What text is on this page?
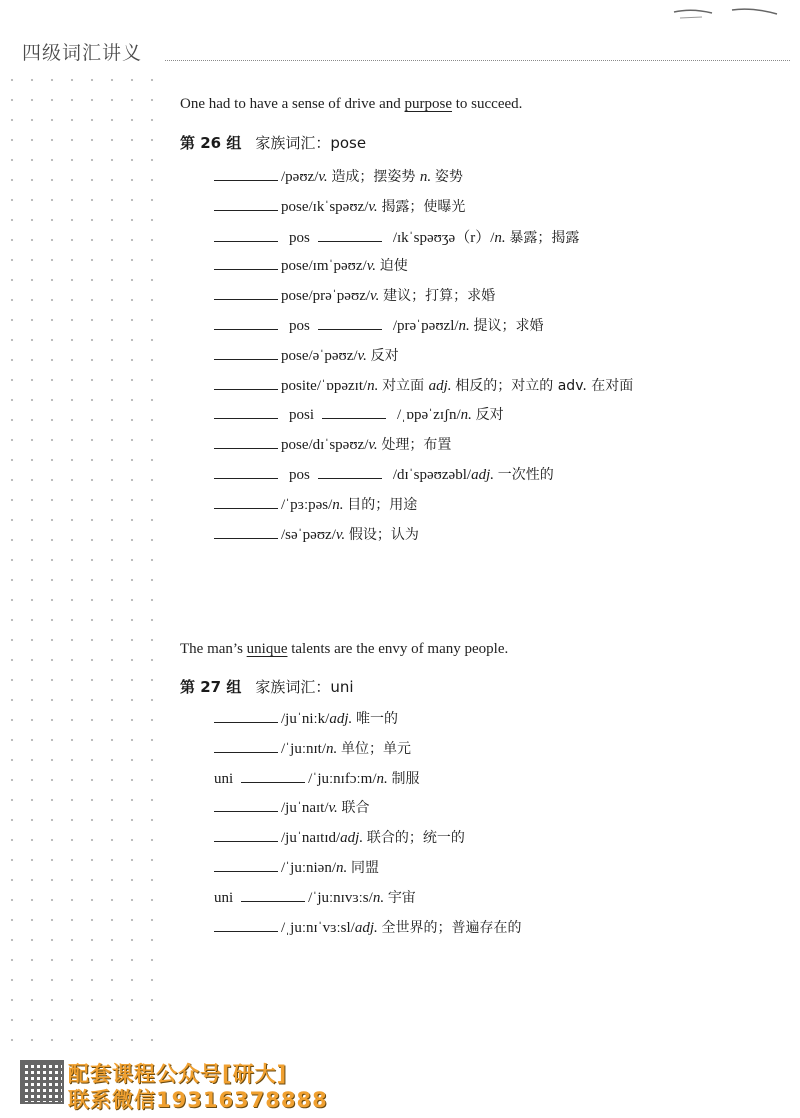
四级词汇讲义
One had to have a sense of drive and purpose to succeed.
第 26 组 家族词汇：pose
/pəʊz/v. 造成；摆姿势 n. 姿势
pose/ɪkˈspəʊz/v. 揭露；使曝光
pos	/ɪkˈspəʊʒə（r）/n. 暴露；揭露
pose/ɪmˈpəʊz/v. 迫使
pose/prəˈpəʊz/v. 建议；打算；求婚
pos	/prəˈpəʊzl/n. 提议；求婚
pose/əˈpəʊz/v. 反对
posite/ˈɒpəzɪt/n. 对立面 adj. 相反的；对立的 adv. 在对面
posi	/ˌɒpəˈzɪʃn/n. 反对
pose/dɪˈspəʊz/v. 处理；布置
pos	/dɪˈspəʊzəbl/adj. 一次性的
/ˈpɜːpəs/n. 目的；用途
/səˈpəʊz/v. 假设；认为
The man’s unique talents are the envy of many people.
第 27 组 家族词汇：uni
/juˈniːk/adj. 唯一的
/ˈjuːnɪt/n. 单位；单元
uni	/ˈjuːnɪfɔːm/n. 制服
/juˈnaɪt/v. 联合
/juˈnaɪtɪd/adj. 联合的；统一的
/ˈjuːniən/n. 同盟
uni	/ˈjuːnɪvɜːs/n. 宇宙
/ˌjuːnɪˈvɜːsl/adj. 全世界的；普遍存在的
配套课程公众号[研大]
联系微信19316378888
